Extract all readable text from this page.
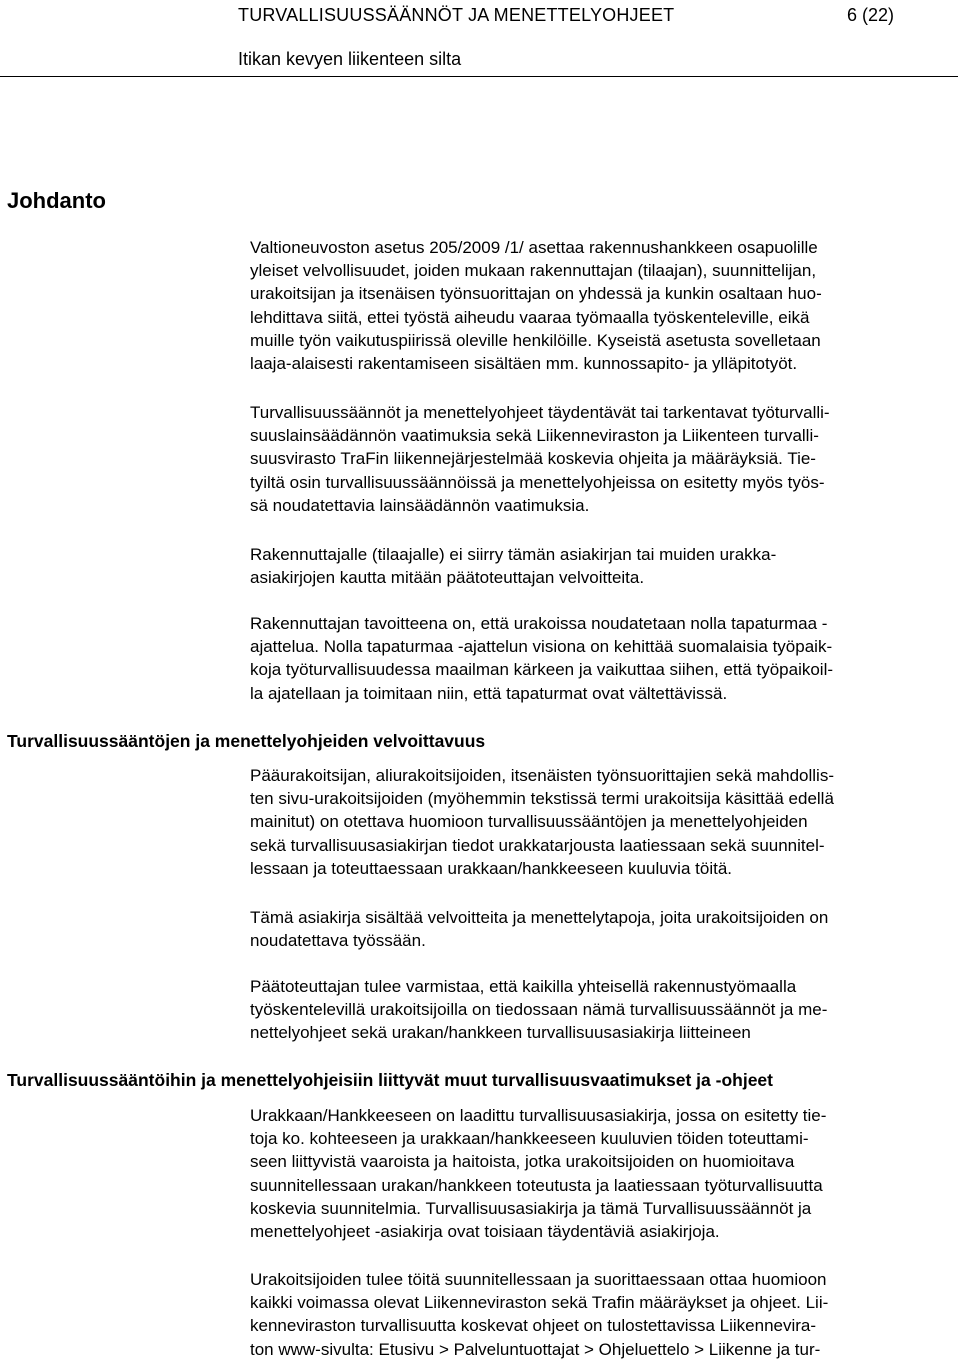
TURVALLISUUSSÄÄNNÖT JA MENETTELYOHJEET	6 (22)
Itikan kevyen liikenteen silta
Johdanto

Valtioneuvoston asetus 205/2009 /1/ asettaa rakennushankkeen osapuolille
yleiset velvollisuudet, joiden mukaan rakennuttajan (tilaajan), suunnittelijan,
urakoitsijan ja itsenäisen työnsuorittajan on yhdessä ja kunkin osaltaan huo-
lehdittava siitä, ettei työstä aiheudu vaaraa työmaalla työskenteleville, eikä
muille työn vaikutuspiirissä oleville henkilöille. Kyseistä asetusta sovelletaan
laaja-alaisesti rakentamiseen sisältäen mm. kunnossapito- ja ylläpitotyöt.

Turvallisuussäännöt ja menettelyohjeet täydentävät tai tarkentavat työturvalli-
suuslainsäädännön vaatimuksia sekä Liikenneviraston ja Liikenteen turvalli-
suusvirasto TraFin liikennejärjestelmää koskevia ohjeita ja määräyksiä. Tie-
tyiltä osin turvallisuussäännöissä ja menettelyohjeissa on esitetty myös työs-
sä noudatettavia lainsäädännön vaatimuksia.

Rakennuttajalle (tilaajalle) ei siirry tämän asiakirjan tai muiden urakka-
asiakirjojen kautta mitään päätoteuttajan velvoitteita.

Rakennuttajan tavoitteena on, että urakoissa noudatetaan nolla tapaturmaa -
ajattelua. Nolla tapaturmaa -ajattelun visiona on kehittää suomalaisia työpaik-
koja työturvallisuudessa maailman kärkeen ja vaikuttaa siihen, että työpaikoil-
la ajatellaan ja toimitaan niin, että tapaturmat ovat vältettävissä.

Turvallisuussääntöjen ja menettelyohjeiden velvoittavuus

Pääurakoitsijan, aliurakoitsijoiden, itsenäisten työnsuorittajien sekä mahdollis-
ten sivu-urakoitsijoiden (myöhemmin tekstissä termi urakoitsija käsittää edellä
mainitut) on otettava huomioon turvallisuussääntöjen ja menettelyohjeiden
sekä turvallisuusasiakirjan tiedot urakkatarjousta laatiessaan sekä suunnitel-
lessaan ja toteuttaessaan urakkaan/hankkeeseen kuuluvia töitä.

Tämä asiakirja sisältää velvoitteita ja menettelytapoja, joita urakoitsijoiden on
noudatettava työssään.

Päätoteuttajan tulee varmistaa, että kaikilla yhteisellä rakennustyömaalla
työskentelevillä urakoitsijoilla on tiedossaan nämä turvallisuussäännöt ja me-
nettelyohjeet sekä urakan/hankkeen turvallisuusasiakirja liitteineen

Turvallisuussääntöihin ja menettelyohjeisiin liittyvät muut turvallisuusvaatimukset ja -ohjeet

Urakkaan/Hankkeeseen on laadittu turvallisuusasiakirja, jossa on esitetty tie-
toja ko. kohteeseen ja urakkaan/hankkeeseen kuuluvien töiden toteuttami-
seen liittyvistä vaaroista ja haitoista, jotka urakoitsijoiden on huomioitava
suunnitellessaan urakan/hankkeen toteutusta ja laatiessaan työturvallisuutta
koskevia suunnitelmia. Turvallisuusasiakirja ja tämä Turvallisuussäännöt ja
menettelyohjeet -asiakirja ovat toisiaan täydentäviä asiakirjoja.

Urakoitsijoiden tulee töitä suunnitellessaan ja suorittaessaan ottaa huomioon
kaikki voimassa olevat Liikenneviraston sekä Trafin määräykset ja ohjeet. Lii-
kenneviraston turvallisuutta koskevat ohjeet on tulostettavissa Liikennevira-
ton www-sivulta: Etusivu > Palveluntuottajat > Ohjeluettelo > Liikenne ja tur-
